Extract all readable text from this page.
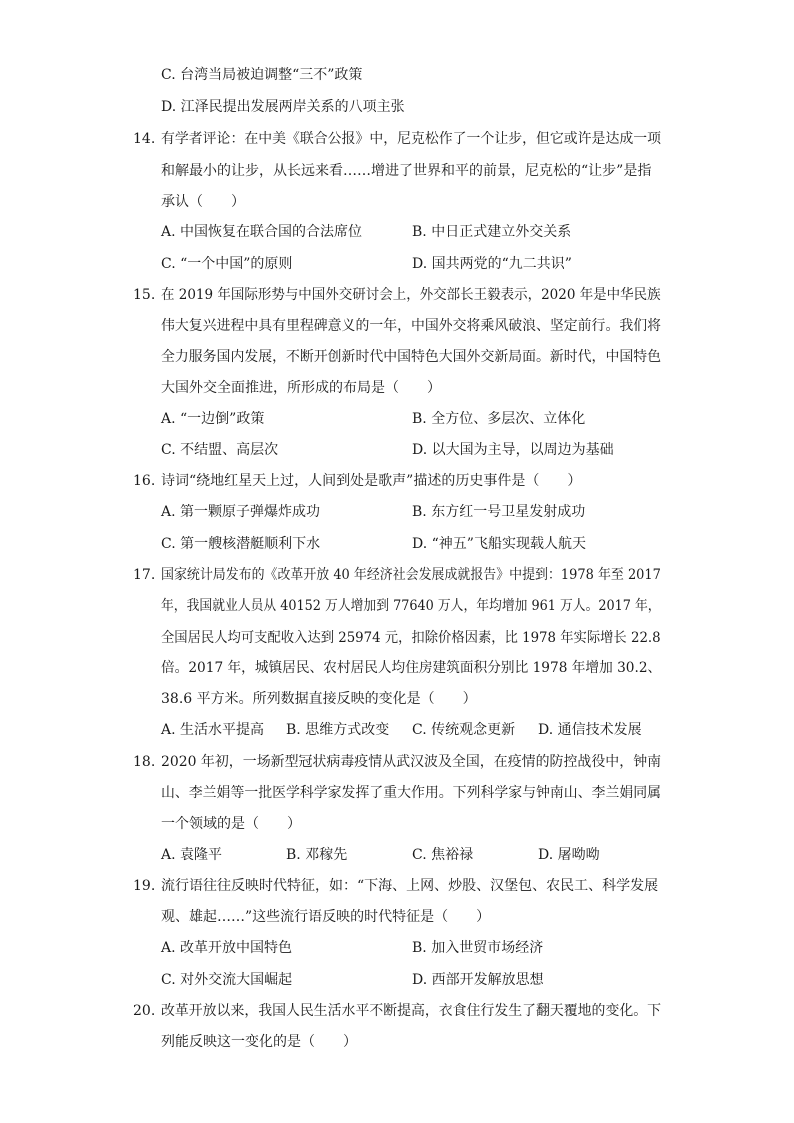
C. 台湾当局被迫调整“三不”政策
D. 江泽民提出发展两岸关系的八项主张
14. 有学者评论：在中美《联合公报》中，尼克松作了一个让步，但它或许是达成一项
和解最小的让步，从长远来看……增进了世界和平的前景，尼克松的“让步”是指
承认（　　）
A. 中国恢复在联合国的合法席位	B. 中日正式建立外交关系
C. “一个中国”的原则	D. 国共两党的“九二共识”
15. 在 2019 年国际形势与中国外交研讨会上，外交部长王毅表示，2020 年是中华民族
伟大复兴进程中具有里程碑意义的一年，中国外交将乘风破浪、坚定前行。我们将
全力服务国内发展，不断开创新时代中国特色大国外交新局面。新时代，中国特色
大国外交全面推进，所形成的布局是（　　）
A. “一边倒”政策	B. 全方位、多层次、立体化
C. 不结盟、高层次	D. 以大国为主导，以周边为基础
16. 诗词“绕地红星天上过，人间到处是歌声”描述的历史事件是（　　）
A. 第一颗原子弹爆炸成功	B. 东方红一号卫星发射成功
C. 第一艘核潜艇顺利下水	D. “神五”飞船实现载人航天
17. 国家统计局发布的《改革开放 40 年经济社会发展成就报告》中提到：1978 年至 2017
年，我国就业人员从 40152 万人增加到 77640 万人，年均增加 961 万人。2017 年，
全国居民人均可支配收入达到 25974 元，扣除价格因素，比 1978 年实际增长 22.8
倍。2017 年，城镇居民、农村居民人均住房建筑面积分别比 1978 年增加 30.2、
38.6 平方米。所列数据直接反映的变化是（　　）
A. 生活水平提高 B. 思维方式改变 C. 传统观念更新 D. 通信技术发展
18. 2020 年初，一场新型冠状病毒疫情从武汉波及全国，在疫情的防控战役中，钟南
山、李兰娟等一批医学科学家发挥了重大作用。下列科学家与钟南山、李兰娟同属
一个领域的是（　　）
A. 袁隆平	B. 邓稼先	C. 焦裕禄	D. 屠呦呦
19. 流行语往往反映时代特征，如：“下海、上网、炒股、汉堡包、农民工、科学发展
观、雄起……”这些流行语反映的时代特征是（　　）
A. 改革开放中国特色	B. 加入世贸市场经济
C. 对外交流大国崛起	D. 西部开发解放思想
20. 改革开放以来，我国人民生活水平不断提高，衣食住行发生了翻天覆地的变化。下
列能反映这一变化的是（　　）
